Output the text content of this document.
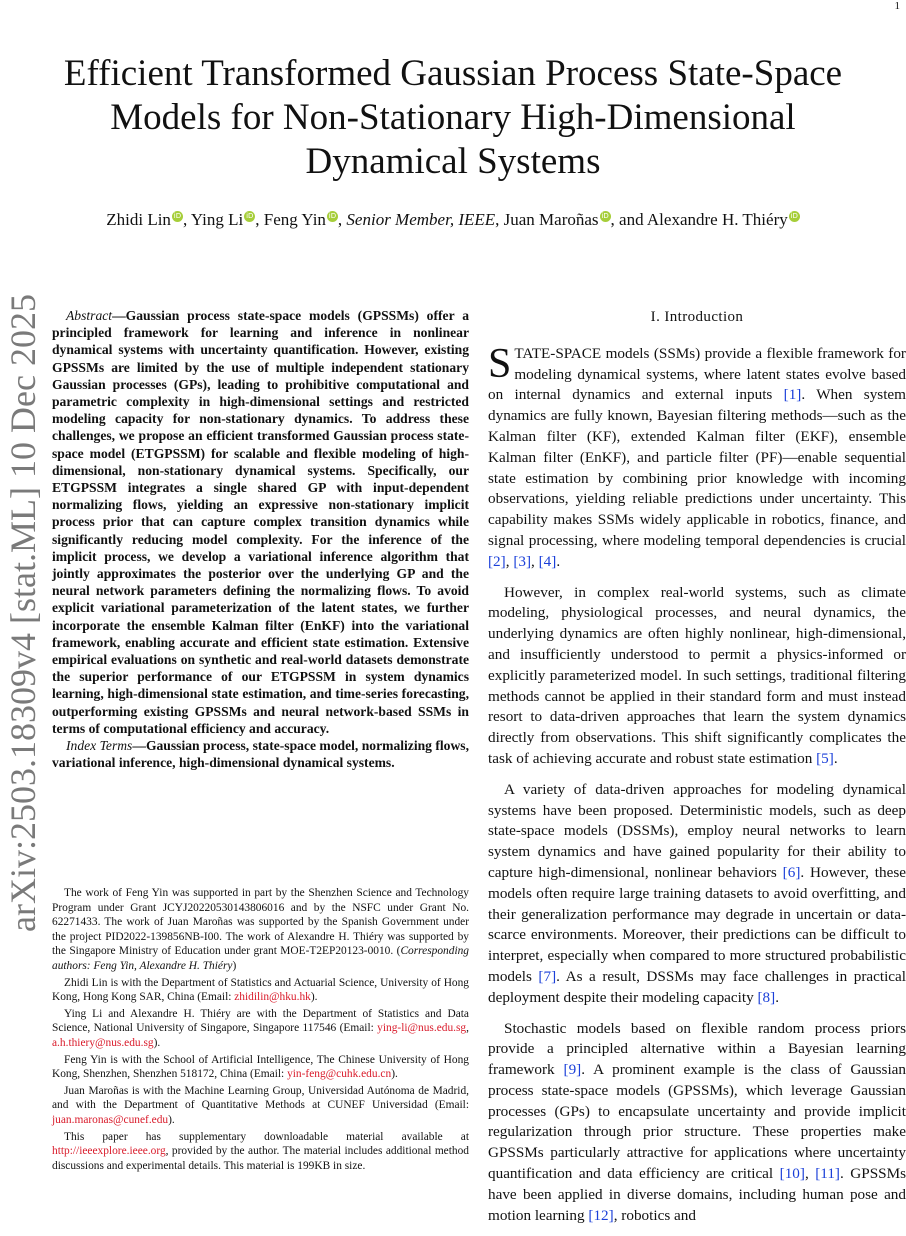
1
arXiv:2503.18309v4 [stat.ML] 10 Dec 2025
Efficient Transformed Gaussian Process State-Space
Models for Non-Stationary High-Dimensional
Dynamical Systems
Zhidi Lin iD , Ying Li iD , Feng Yin iD , Senior Member, IEEE, Juan Maroñas iD , and Alexandre H. Thiéry iD

Abstract—Gaussian process state-space models (GPSSMs) offer a principled framework for learning and inference in nonlinear dynamical systems with uncertainty quantification. However, existing GPSSMs are limited by the use of multiple independent stationary Gaussian processes (GPs), leading to prohibitive computational and parametric complexity in high-dimensional settings and restricted modeling capacity for non-stationary dynamics. To address these challenges, we propose an efficient transformed Gaussian process state-space model (ETGPSSM) for scalable and flexible modeling of high-dimensional, non-stationary dynamical systems. Specifically, our ETGPSSM integrates a single shared GP with input-dependent normalizing flows, yielding an expressive non-stationary implicit process prior that can capture complex transition dynamics while significantly reducing model complexity. For the inference of the implicit process, we develop a variational inference algorithm that jointly approximates the posterior over the underlying GP and the neural network parameters defining the normalizing flows. To avoid explicit variational parameterization of the latent states, we further incorporate the ensemble Kalman filter (EnKF) into the variational framework, enabling accurate and efficient state estimation. Extensive empirical evaluations on synthetic and real-world datasets demonstrate the superior performance of our ETGPSSM in system dynamics learning, high-dimensional state estimation, and time-series forecasting, outperforming existing GPSSMs and neural network-based SSMs in terms of computational efficiency and accuracy.

Index Terms—Gaussian process, state-space model, normalizing flows, variational inference, high-dimensional dynamical systems.

The work of Feng Yin was supported in part by the Shenzhen Science and Technology Program under Grant JCYJ20220530143806016 and by the NSFC under Grant No. 62271433. The work of Juan Maroñas was supported by the Spanish Government under the project PID2022-139856NB-I00. The work of Alexandre H. Thiéry was supported by the Singapore Ministry of Education under grant MOE-T2EP20123-0010. (Corresponding authors: Feng Yin, Alexandre H. Thiéry)

Zhidi Lin is with the Department of Statistics and Actuarial Science, University of Hong Kong, Hong Kong SAR, China (Email: zhidilin@hku.hk).

Ying Li and Alexandre H. Thiéry are with the Department of Statistics and Data Science, National University of Singapore, Singapore 117546 (Email: ying-li@nus.edu.sg, a.h.thiery@nus.edu.sg).

Feng Yin is with the School of Artificial Intelligence, The Chinese University of Hong Kong, Shenzhen, Shenzhen 518172, China (Email: yin-feng@cuhk.edu.cn).

Juan Maroñas is with the Machine Learning Group, Universidad Autónoma de Madrid, and with the Department of Quantitative Methods at CUNEF Universidad (Email: juan.maronas@cunef.edu).

This paper has supplementary downloadable material available at http://ieeexplore.ieee.org, provided by the author. The material includes additional method discussions and experimental details. This material is 199KB in size.

I. Introduction

STATE-SPACE models (SSMs) provide a flexible framework for modeling dynamical systems, where latent states evolve based on internal dynamics and external inputs [1]. When system dynamics are fully known, Bayesian filtering methods—such as the Kalman filter (KF), extended Kalman filter (EKF), ensemble Kalman filter (EnKF), and particle filter (PF)—enable sequential state estimation by combining prior knowledge with incoming observations, yielding reliable predictions under uncertainty. This capability makes SSMs widely applicable in robotics, finance, and signal processing, where modeling temporal dependencies is crucial [2], [3], [4].

However, in complex real-world systems, such as climate modeling, physiological processes, and neural dynamics, the underlying dynamics are often highly nonlinear, high-dimensional, and insufficiently understood to permit a physics-informed or explicitly parameterized model. In such settings, traditional filtering methods cannot be applied in their standard form and must instead resort to data-driven approaches that learn the system dynamics directly from observations. This shift significantly complicates the task of achieving accurate and robust state estimation [5].

A variety of data-driven approaches for modeling dynamical systems have been proposed. Deterministic models, such as deep state-space models (DSSMs), employ neural networks to learn system dynamics and have gained popularity for their ability to capture high-dimensional, nonlinear behaviors [6]. However, these models often require large training datasets to avoid overfitting, and their generalization performance may degrade in uncertain or data-scarce environments. Moreover, their predictions can be difficult to interpret, especially when compared to more structured probabilistic models [7]. As a result, DSSMs may face challenges in practical deployment despite their modeling capacity [8].

Stochastic models based on flexible random process priors provide a principled alternative within a Bayesian learning framework [9]. A prominent example is the class of Gaussian process state-space models (GPSSMs), which leverage Gaussian processes (GPs) to encapsulate uncertainty and provide implicit regularization through prior structure. These properties make GPSSMs particularly attractive for applications where uncertainty quantification and data efficiency are critical [10], [11]. GPSSMs have been applied in diverse domains, including human pose and motion learning [12], robotics and
